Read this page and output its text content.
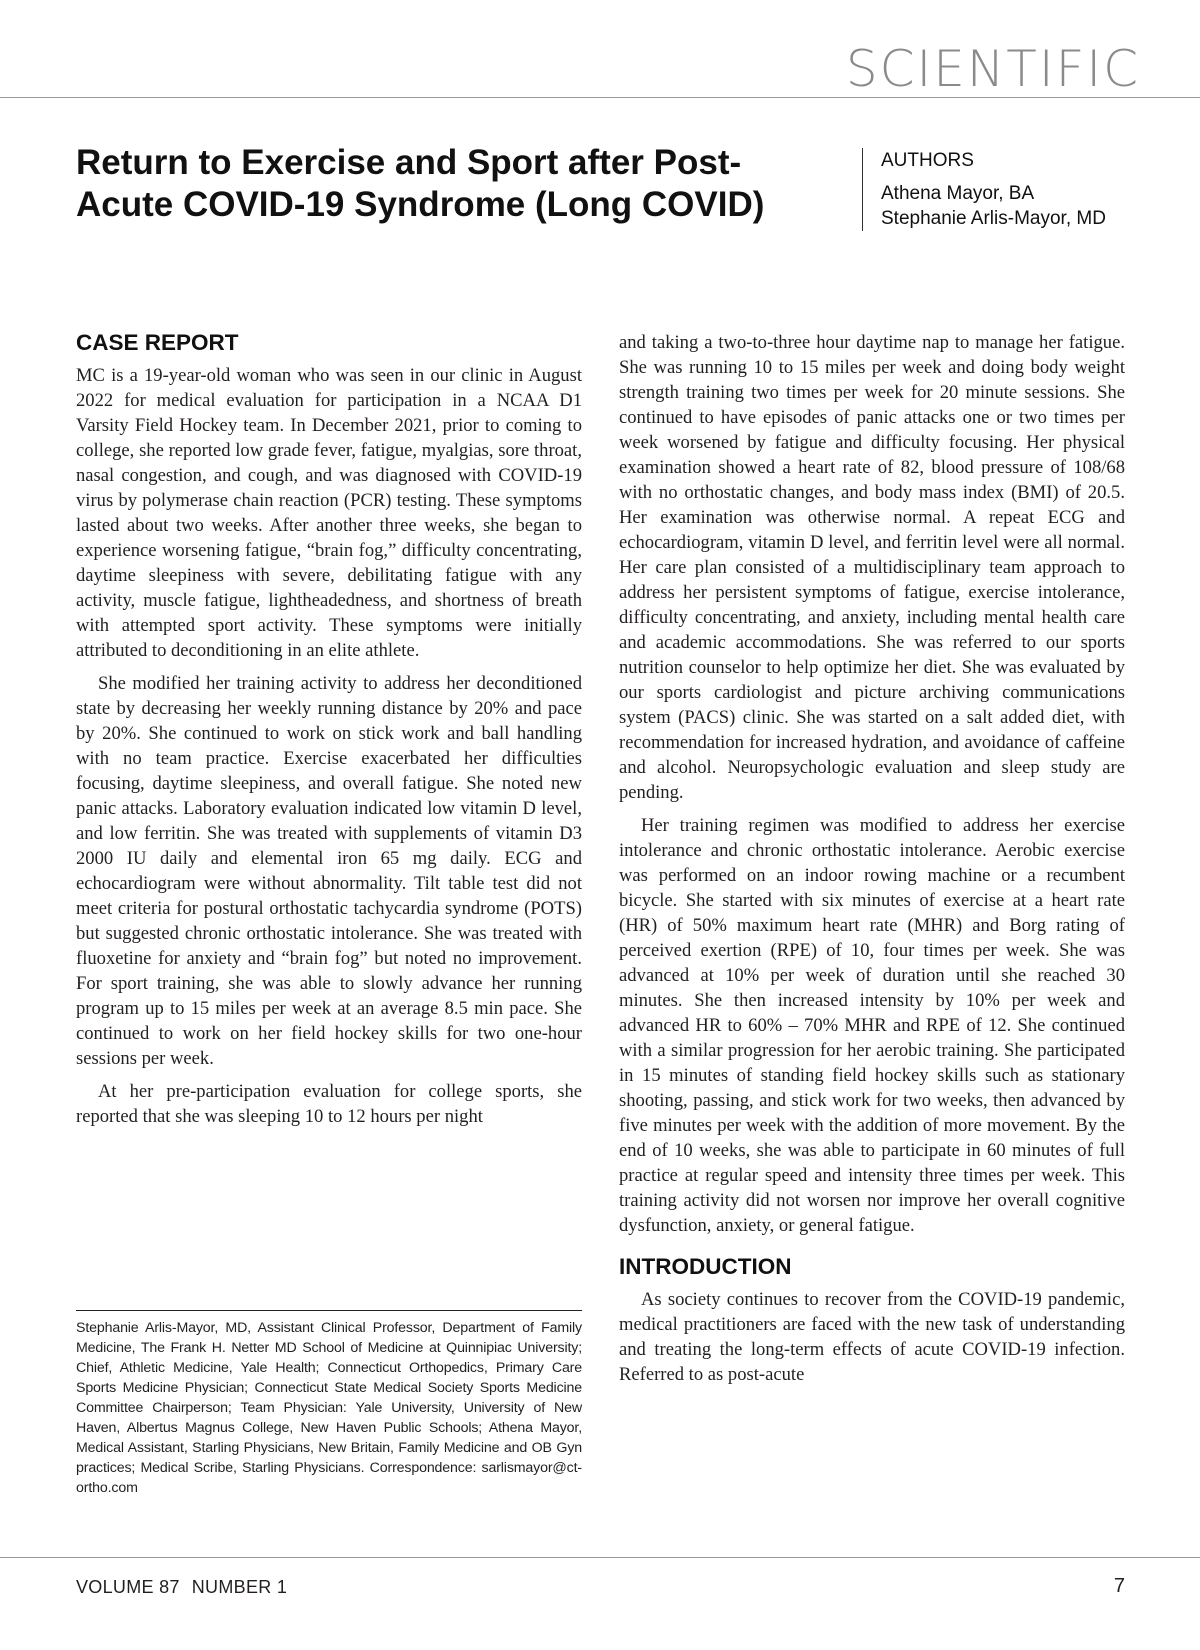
SCIENTIFIC
Return to Exercise and Sport after Post-Acute COVID-19 Syndrome (Long COVID)
AUTHORS
Athena Mayor, BA
Stephanie Arlis-Mayor, MD
CASE REPORT

MC is a 19-year-old woman who was seen in our clinic in August 2022 for medical evaluation for participation in a NCAA D1 Varsity Field Hockey team. In December 2021, prior to coming to college, she reported low grade fever, fatigue, myalgias, sore throat, nasal congestion, and cough, and was diagnosed with COVID-19 virus by polymerase chain reaction (PCR) testing. These symptoms lasted about two weeks. After another three weeks, she began to experience worsening fatigue, “brain fog,” difficulty concentrating, daytime sleepiness with severe, debilitating fatigue with any activity, muscle fatigue, lightheadedness, and shortness of breath with attempted sport activity. These symptoms were initially attributed to deconditioning in an elite athlete.

She modified her training activity to address her deconditioned state by decreasing her weekly running distance by 20% and pace by 20%. She continued to work on stick work and ball handling with no team practice. Exercise exacerbated her difficulties focusing, daytime sleepiness, and overall fatigue. She noted new panic attacks. Laboratory evaluation indicated low vitamin D level, and low ferritin. She was treated with supplements of vitamin D3 2000 IU daily and elemental iron 65 mg daily. ECG and echocardiogram were without abnormality. Tilt table test did not meet criteria for postural orthostatic tachycardia syndrome (POTS) but suggested chronic orthostatic intolerance. She was treated with fluoxetine for anxiety and “brain fog” but noted no improvement. For sport training, she was able to slowly advance her running program up to 15 miles per week at an average 8.5 min pace. She continued to work on her field hockey skills for two one-hour sessions per week.

At her pre-participation evaluation for college sports, she reported that she was sleeping 10 to 12 hours per night

Stephanie Arlis-Mayor, MD, Assistant Clinical Professor, Department of Family Medicine, The Frank H. Netter MD School of Medicine at Quinnipiac University; Chief, Athletic Medicine, Yale Health; Connecticut Orthopedics, Primary Care Sports Medicine Physician; Connecticut State Medical Society Sports Medicine Committee Chairperson; Team Physician: Yale University, University of New Haven, Albertus Magnus College, New Haven Public Schools; Athena Mayor, Medical Assistant, Starling Physicians, New Britain, Family Medicine and OB Gyn practices; Medical Scribe, Starling Physicians. Correspondence: sarlismayor@ct-ortho.com

and taking a two-to-three hour daytime nap to manage her fatigue. She was running 10 to 15 miles per week and doing body weight strength training two times per week for 20 minute sessions. She continued to have episodes of panic attacks one or two times per week worsened by fatigue and difficulty focusing. Her physical examination showed a heart rate of 82, blood pressure of 108/68 with no orthostatic changes, and body mass index (BMI) of 20.5. Her examination was otherwise normal. A repeat ECG and echocardiogram, vitamin D level, and ferritin level were all normal. Her care plan consisted of a multidisciplinary team approach to address her persistent symptoms of fatigue, exercise intolerance, difficulty concentrating, and anxiety, including mental health care and academic accommodations. She was referred to our sports nutrition counselor to help optimize her diet. She was evaluated by our sports cardiologist and picture archiving communications system (PACS) clinic. She was started on a salt added diet, with recommendation for increased hydration, and avoidance of caffeine and alcohol. Neuropsychologic evaluation and sleep study are pending.

Her training regimen was modified to address her exercise intolerance and chronic orthostatic intolerance. Aerobic exercise was performed on an indoor rowing machine or a recumbent bicycle. She started with six minutes of exercise at a heart rate (HR) of 50% maximum heart rate (MHR) and Borg rating of perceived exertion (RPE) of 10, four times per week. She was advanced at 10% per week of duration until she reached 30 minutes. She then increased intensity by 10% per week and advanced HR to 60% – 70% MHR and RPE of 12. She continued with a similar progression for her aerobic training. She participated in 15 minutes of standing field hockey skills such as stationary shooting, passing, and stick work for two weeks, then advanced by five minutes per week with the addition of more movement. By the end of 10 weeks, she was able to participate in 60 minutes of full practice at regular speed and intensity three times per week. This training activity did not worsen nor improve her overall cognitive dysfunction, anxiety, or general fatigue.

INTRODUCTION

As society continues to recover from the COVID-19 pandemic, medical practitioners are faced with the new task of understanding and treating the long-term effects of acute COVID-19 infection. Referred to as post-acute

VOLUME 87 NUMBER 1	7
